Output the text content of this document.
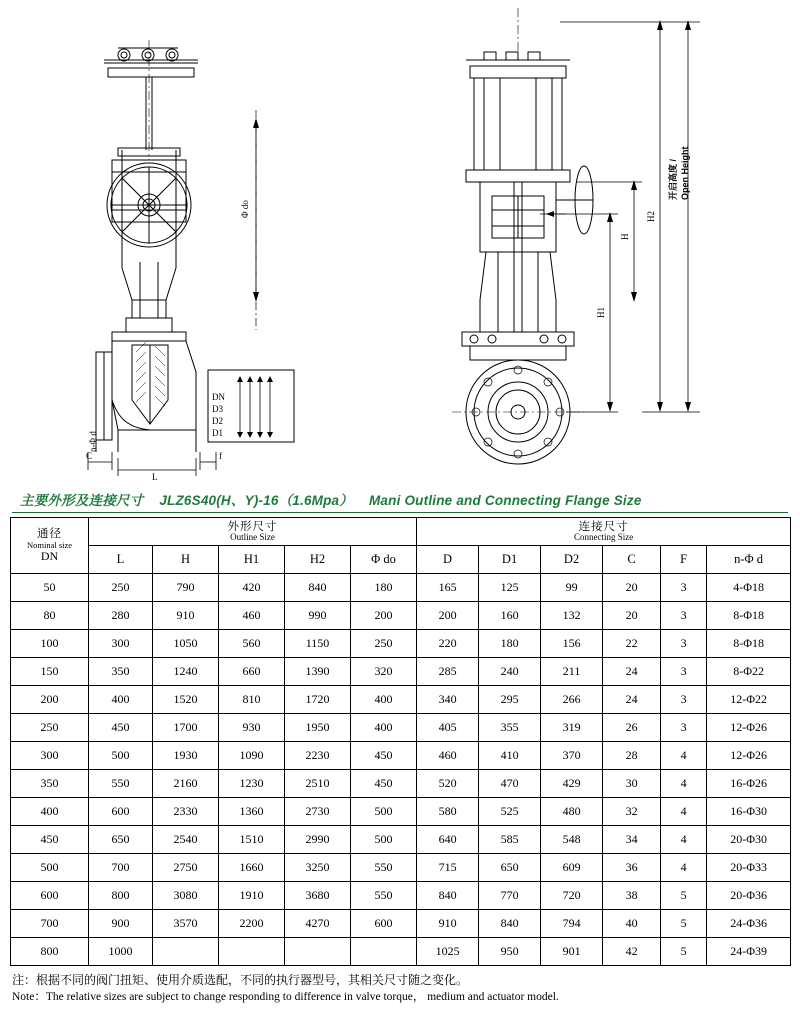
Φ do
DN
D3
D2
D1
C
L
f
n-Φ d
H
H1
H2
开启高度 / Open Height
主要外形及连接尺寸 JLZ6S40(H、Y)-16（1.6Mpa） Mani Outline and Connecting Flange Size
通径
Nominal size
DN

外形尺寸
Outline Size

连接尺寸
Connecting Size

	L	H	H1	H2	Φ do	D	D1	D2	C	F	n-Φ d
50	250	790	420	840	180	165	125	99	20	3	4-Φ18
80	280	910	460	990	200	200	160	132	20	3	8-Φ18
100	300	1050	560	1150	250	220	180	156	22	3	8-Φ18
150	350	1240	660	1390	320	285	240	211	24	3	8-Φ22
200	400	1520	810	1720	400	340	295	266	24	3	12-Φ22
250	450	1700	930	1950	400	405	355	319	26	3	12-Φ26
300	500	1930	1090	2230	450	460	410	370	28	4	12-Φ26
350	550	2160	1230	2510	450	520	470	429	30	4	16-Φ26
400	600	2330	1360	2730	500	580	525	480	32	4	16-Φ30
450	650	2540	1510	2990	500	640	585	548	34	4	20-Φ30
500	700	2750	1660	3250	550	715	650	609	36	4	20-Φ33
600	800	3080	1910	3680	550	840	770	720	38	5	20-Φ36
700	900	3570	2200	4270	600	910	840	794	40	5	24-Φ36
800	1000					1025	950	901	42	5	24-Φ39
注：根据不同的阀门扭矩、使用介质选配，不同的执行器型号，其相关尺寸随之变化。
Note：The relative sizes are subject to change responding to difference in valve torque， medium and actuator model.
